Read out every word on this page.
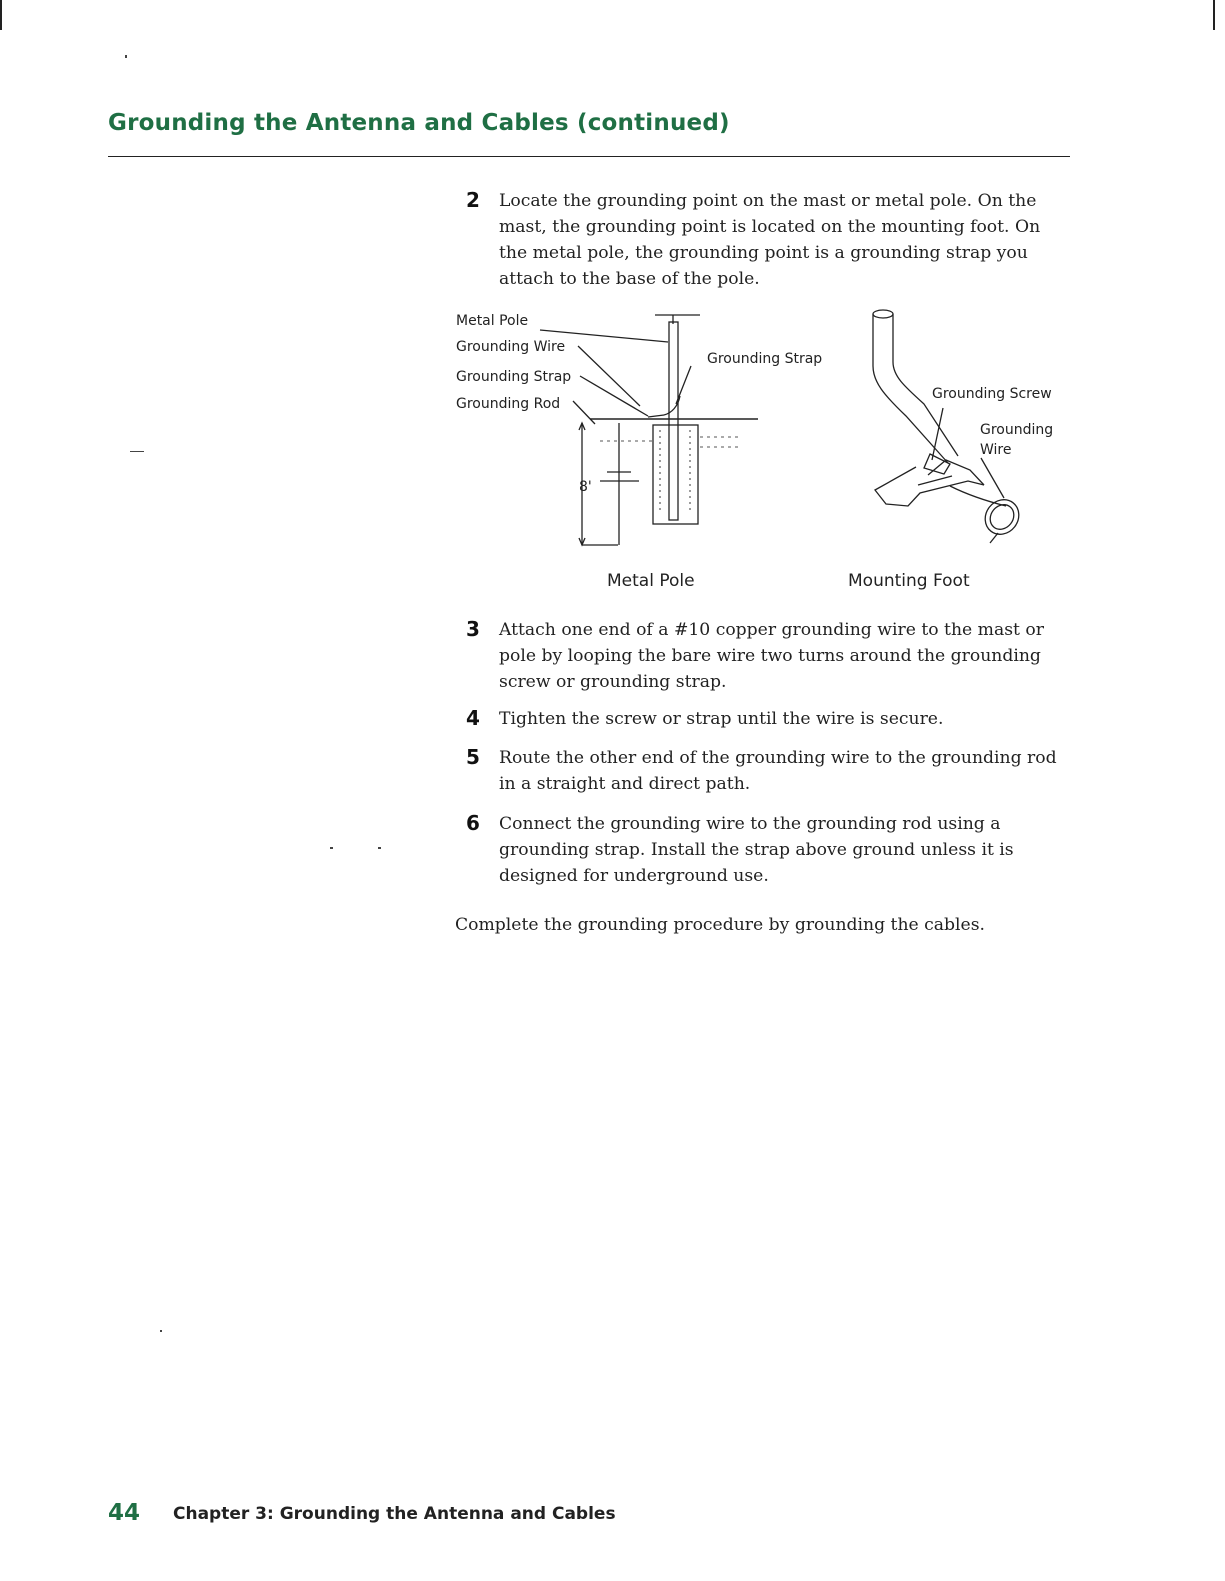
Grounding the Antenna and Cables (continued)
2 Locate the grounding point on the mast or metal pole. On the mast, the grounding point is located on the mounting foot. On the metal pole, the grounding point is a grounding strap you attach to the base of the pole.
Metal Pole
Grounding Wire
Grounding Strap
Grounding Rod
Grounding Strap
8'
Grounding Screw
Grounding
Wire
Metal Pole	Mounting Foot
3 Attach one end of a #10 copper grounding wire to the mast or pole by looping the bare wire two turns around the grounding screw or grounding strap.
4 Tighten the screw or strap until the wire is secure.
5 Route the other end of the grounding wire to the grounding rod in a straight and direct path.
6 Connect the grounding wire to the grounding rod using a grounding strap. Install the strap above ground unless it is designed for underground use.
Complete the grounding procedure by grounding the cables.
44 Chapter 3: Grounding the Antenna and Cables
